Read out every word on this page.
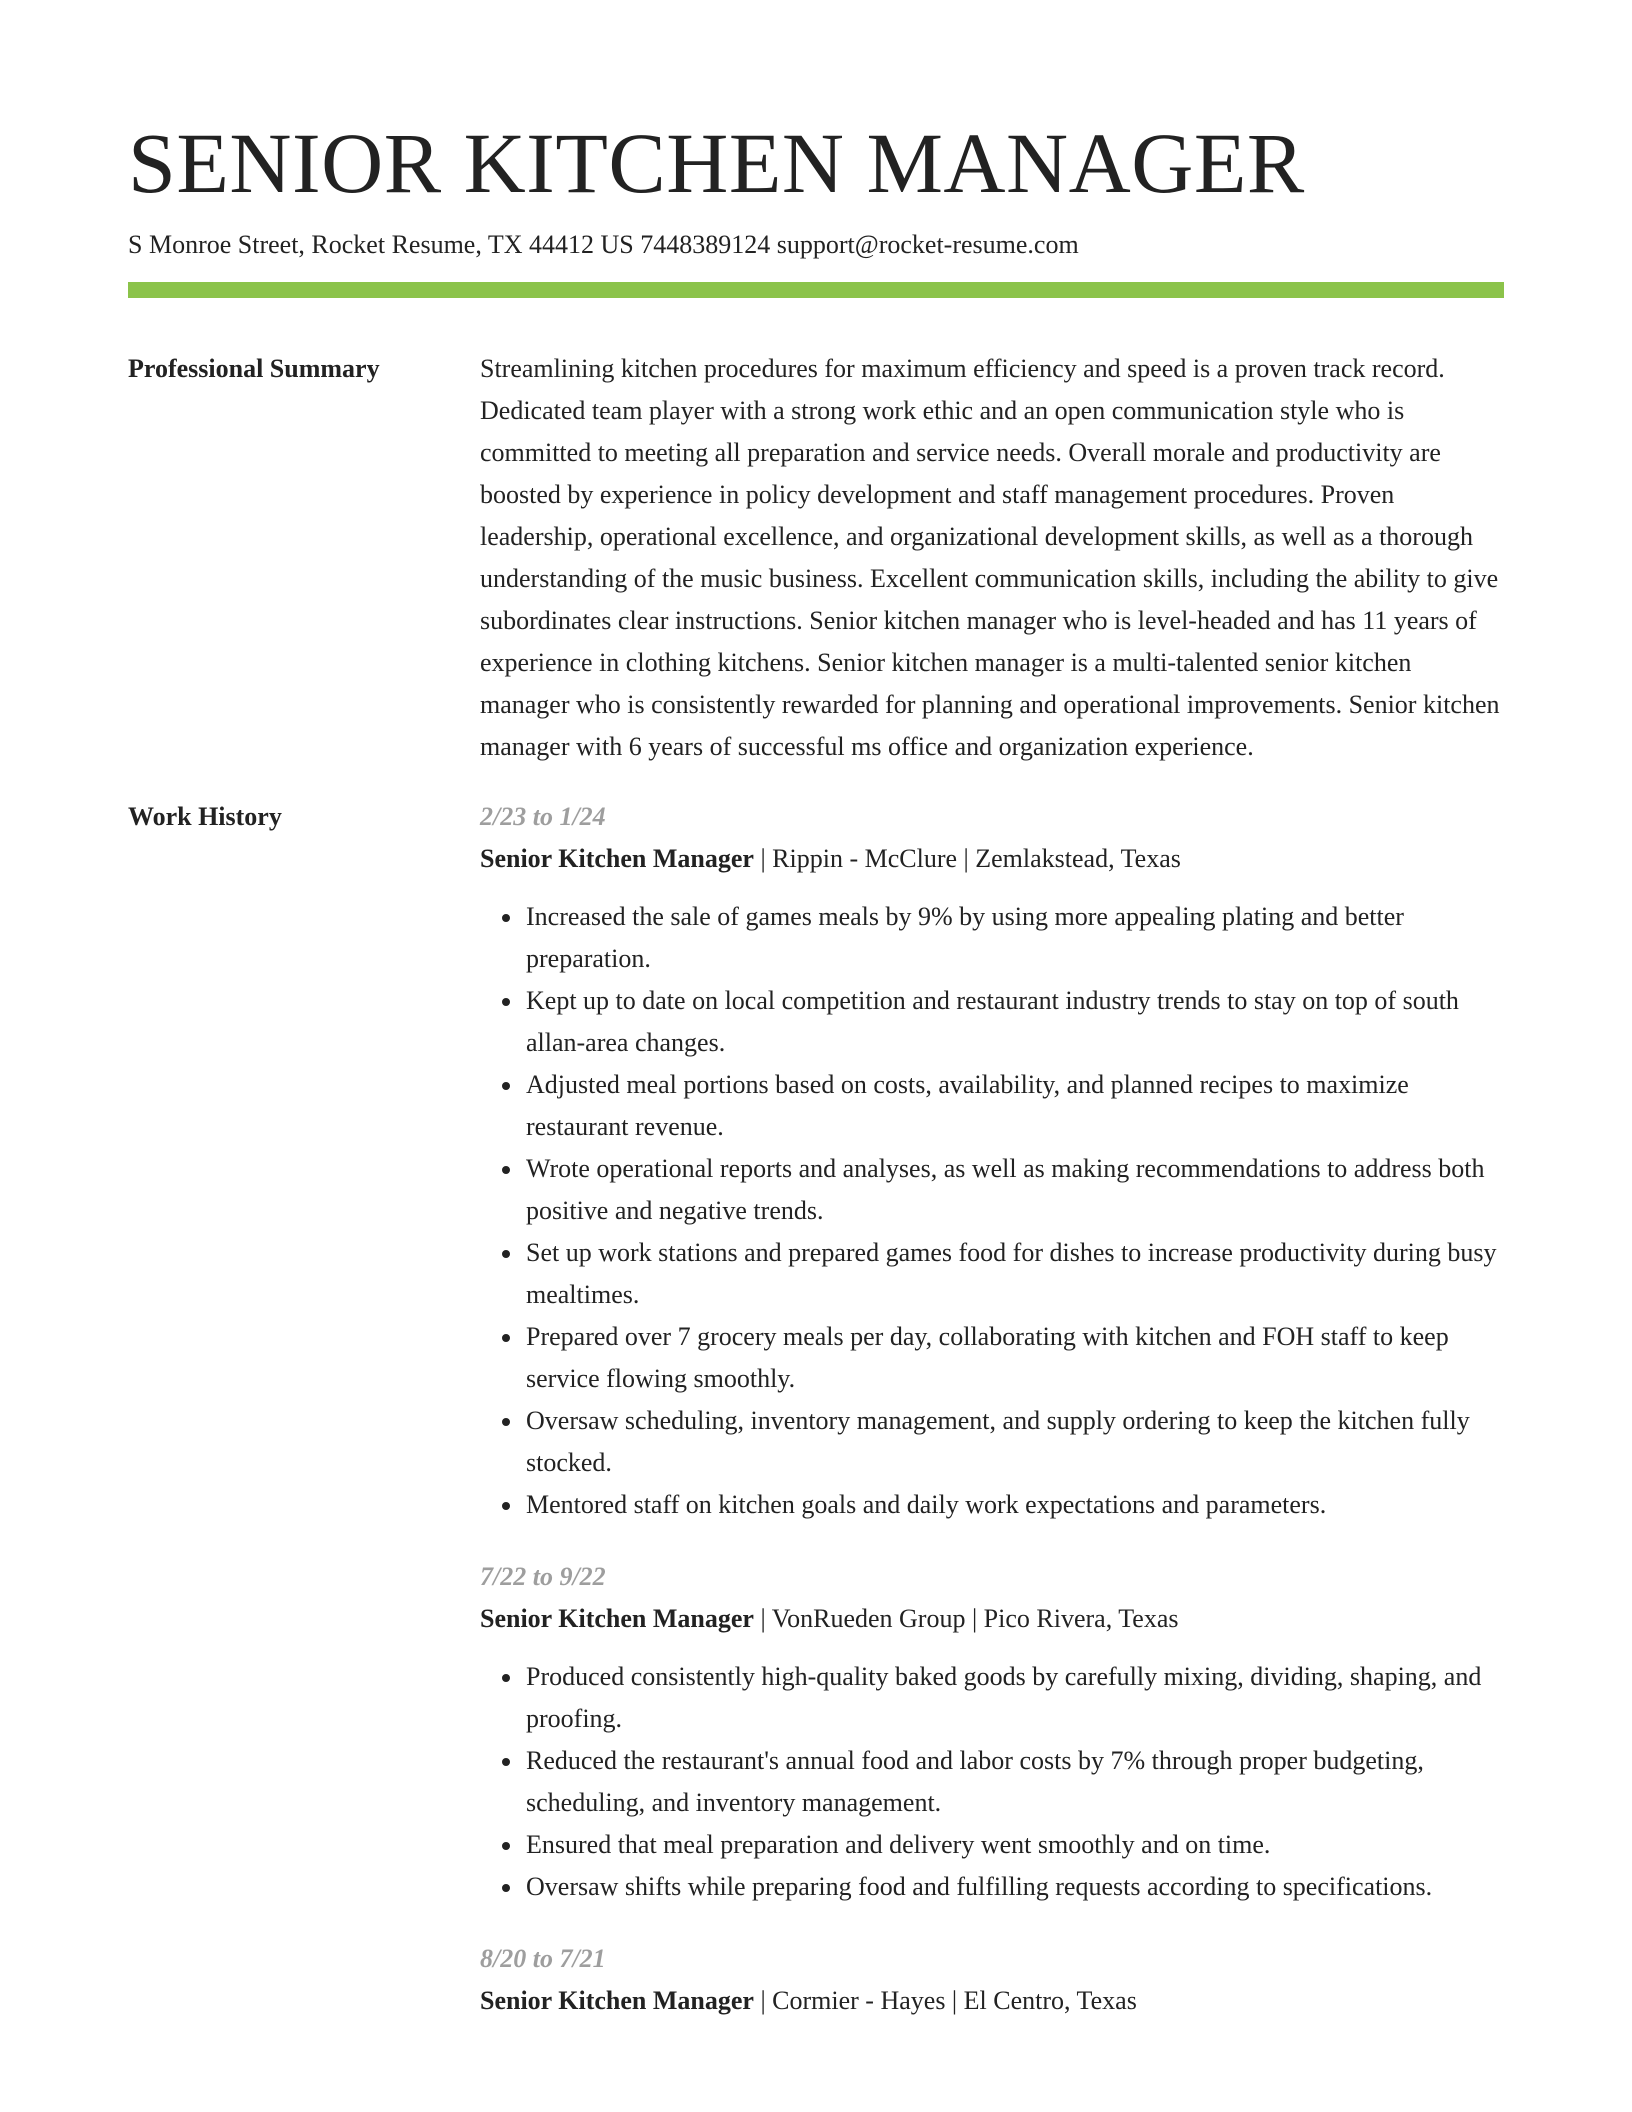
SENIOR KITCHEN MANAGER
S Monroe Street, Rocket Resume, TX 44412 US 7448389124 support@rocket-resume.com
Professional Summary	Streamlining kitchen procedures for maximum efficiency and speed is a proven track record. Dedicated team player with a strong work ethic and an open communication style who is committed to meeting all preparation and service needs. Overall morale and productivity are boosted by experience in policy development and staff management procedures. Proven leadership, operational excellence, and organizational development skills, as well as a thorough understanding of the music business. Excellent communication skills, including the ability to give subordinates clear instructions. Senior kitchen manager who is level-headed and has 11 years of experience in clothing kitchens. Senior kitchen manager is a multi-talented senior kitchen manager who is consistently rewarded for planning and operational improvements. Senior kitchen manager with 6 years of successful ms office and organization experience.

Work History	2/23 to 1/24
Senior Kitchen Manager | Rippin - McClure | Zemlakstead, Texas
• Increased the sale of games meals by 9% by using more appealing plating and better preparation.
• Kept up to date on local competition and restaurant industry trends to stay on top of south allan-area changes.
• Adjusted meal portions based on costs, availability, and planned recipes to maximize restaurant revenue.
• Wrote operational reports and analyses, as well as making recommendations to address both positive and negative trends.
• Set up work stations and prepared games food for dishes to increase productivity during busy mealtimes.
• Prepared over 7 grocery meals per day, collaborating with kitchen and FOH staff to keep service flowing smoothly.
• Oversaw scheduling, inventory management, and supply ordering to keep the kitchen fully stocked.
• Mentored staff on kitchen goals and daily work expectations and parameters.
7/22 to 9/22
Senior Kitchen Manager | VonRueden Group | Pico Rivera, Texas
• Produced consistently high-quality baked goods by carefully mixing, dividing, shaping, and proofing.
• Reduced the restaurant's annual food and labor costs by 7% through proper budgeting, scheduling, and inventory management.
• Ensured that meal preparation and delivery went smoothly and on time.
• Oversaw shifts while preparing food and fulfilling requests according to specifications.
8/20 to 7/21
Senior Kitchen Manager | Cormier - Hayes | El Centro, Texas
